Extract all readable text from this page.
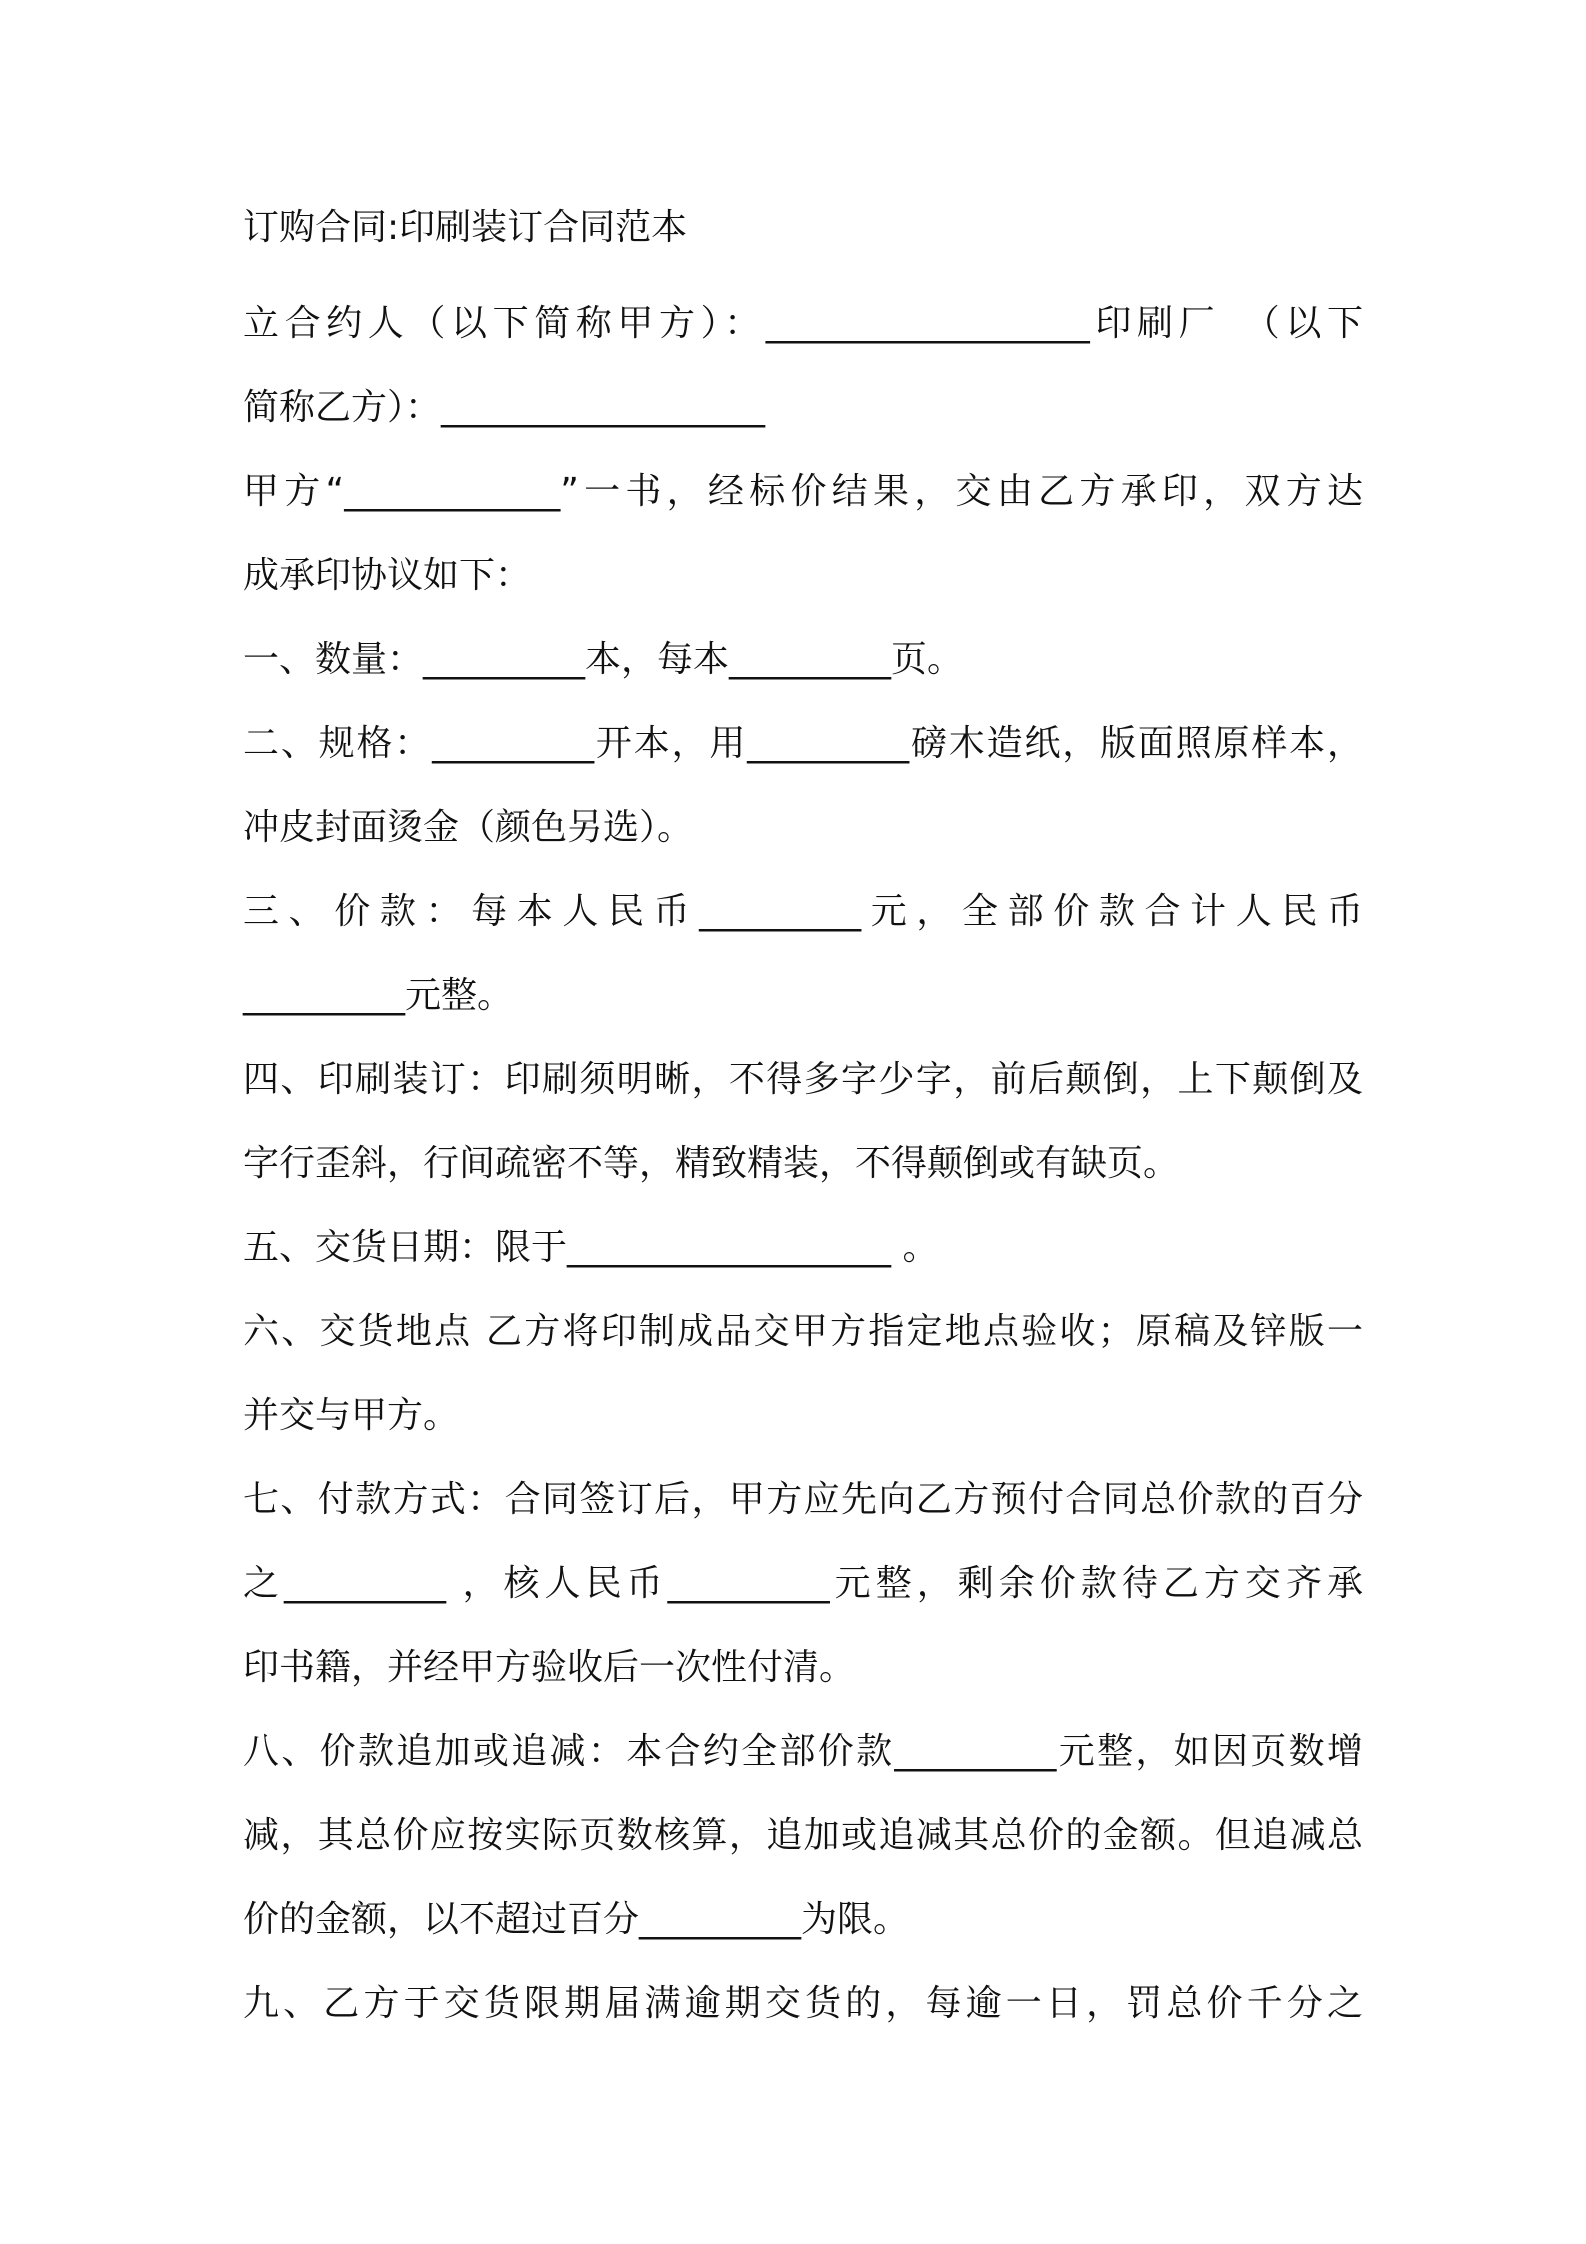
订购合同:印刷装订合同范本

立合约人（以下简称甲方）：__________________印刷厂　（以下

简称乙方）：__________________

甲方“____________”一书，经标价结果，交由乙方承印，双方达

成承印协议如下：

一、数量：_________本，每本_________页。

二、规格：_________开本，用_________磅木造纸，版面照原样本，

冲皮封面烫金（颜色另选）。

三、价款：每本人民币_________元，全部价款合计人民币

_________元整。

四、印刷装订：印刷须明晰，不得多字少字，前后颠倒，上下颠倒及

字行歪斜，行间疏密不等，精致精装，不得颠倒或有缺页。

五、交货日期：限于__________________ 。

六、交货地点 乙方将印制成品交甲方指定地点验收；原稿及锌版一

并交与甲方。

七、付款方式：合同签订后，甲方应先向乙方预付合同总价款的百分

之_________ ，核人民币_________元整，剩余价款待乙方交齐承

印书籍，并经甲方验收后一次性付清。

八、价款追加或追减：本合约全部价款_________元整，如因页数增

减，其总价应按实际页数核算，追加或追减其总价的金额。但追减总

价的金额，以不超过百分_________为限。

九、乙方于交货限期届满逾期交货的，每逾一日，罚总价千分之
